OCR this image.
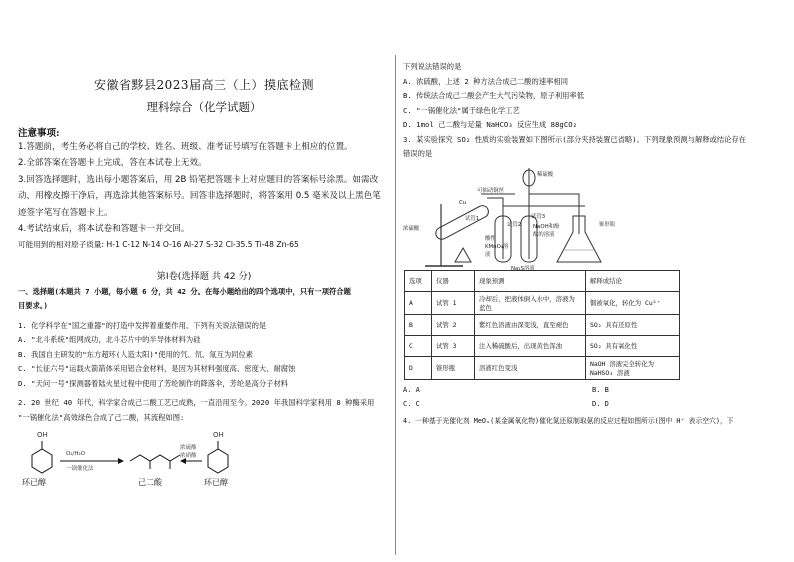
安徽省黟县2023届高三（上）摸底检测
理科综合（化学试题）
注意事项:
1.答题前，考生务必将自己的学校、姓名、班级、准考证号填写在答题卡上相应的位置。
2.全部答案在答题卡上完成，答在本试卷上无效。
3.回答选择题时，选出每小题答案后，用 2B 铅笔把答题卡上对应题目的答案标号涂黑。如需改
动，用橡皮擦干净后，再选涂其他答案标号。回答非选择题时，将答案用 0.5 毫米及以上黑色笔
迹签字笔写在答题卡上。
4.考试结束后，将本试卷和答题卡一并交回。
可能用到的相对原子质量: H-1 C-12 N-14 O-16 Al-27 S-32 Cl-35.5 Ti-48 Zn-65
第Ⅰ卷(选择题 共 42 分)
一、选择题(本题共 7 小题，每小题 6 分，共 42 分。在每小题给出的四个选项中，只有一项符合题
目要求。)
1. 化学科学在"国之重器"的打造中发挥着重要作用。下列有关说法错误的是
A. "北斗系统"组网成功，北斗芯片中的半导体材料为硅
B. 我国自主研发的"东方超环(人造太阳)"使用的氕、氘、氚互为同位素
C. "长征六号"运载火箭箭体采用铝合金材料，是因为其材料强度高、密度大、耐腐蚀
D. "天问一号"探测器着陆火星过程中使用了芳纶制作的降落伞，芳纶是高分子材料
2. 20 世纪 40 年代，科学家合成己二酸工艺已成熟，一直沿用至今。2020 年我国科学家利用 8 种酶采用
"一锅催化法"高效绿色合成了己二酸，其流程如图:
OH
O₂/H₂O
一锅催化法
浓硫酸
浓硝酸
OH
环已醇	己二酸	环已醇
下列说法错误的是
A. 浓硫酸，上述 2 种方法合成己二酸的速率相同
B. 传统法合成己二酸会产生大气污染物，原子利用率低
C. "一锅催化法"属于绿色化学工艺
D. 1mol 己二酸与足量 NaHCO₃ 反应生成 88gCO₂
3. 某实验探究 SO₂ 性质的实验装置如下图所示(部分夹持装置已省略)。下列现象预测与解释或结论存在
错误的是
浓硫酸
Cu
可抽动铜丝
试管1
酸性KMnO₄溶液
试管2
试管3
NaOH和酚酞的溶液
Na₂S溶液
稀硫酸
锥形瓶
选项	仪器	现象预测	解释或结论
A	试管 1	冷却后，把液体倒入水中，溶液为蓝色	铜被氧化，转化为 Cu²⁺
B	试管 2	紫红色溶液由深变浅，直至褪色	SO₂ 具有还原性
C	试管 3	注入稀硫酸后，出现黄色浑浊	SO₂ 具有氧化性
D	锥形瓶	溶液红色变浅	NaOH 溶液完全转化为 NaHSO₃ 溶液
A. A	B. B
C. C	D. D
4. 一种基于光催化剂 MeOₓ(某金属氧化物)催化氮还原制取氨的反应过程如图所示(图中 H⁺ 表示空穴)，下
